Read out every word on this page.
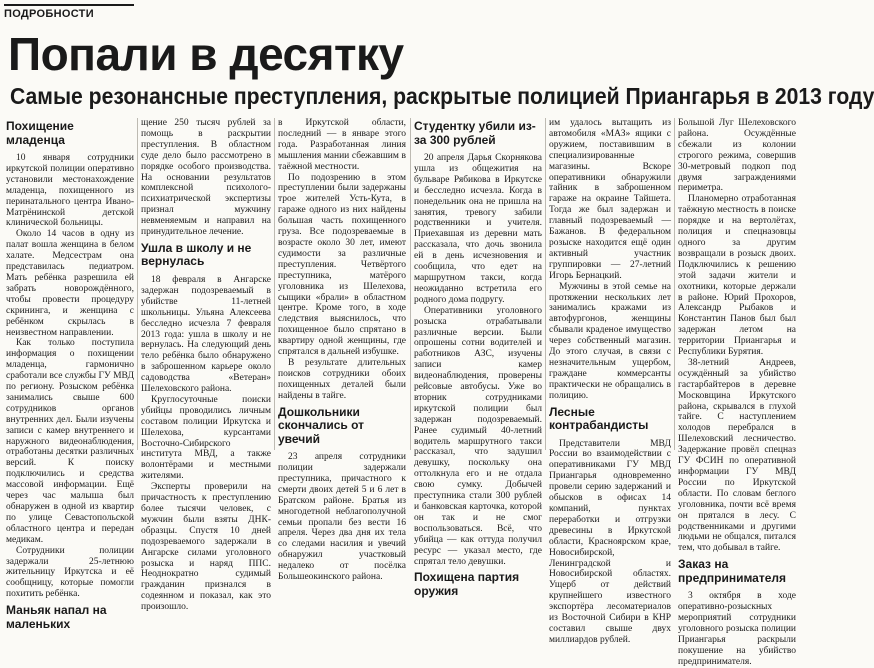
ПОДРОБНОСТИ
Попали в десятку
Самые резонансные преступления, раскрытые полицией Приангарья в 2013 году
Похищение младенца

10 января сотрудники иркутской полиции оперативно установили местонахождение младенца, похищенного из перинатального центра Ивано-Матрёнинской детской клинической больницы.

Около 14 часов в одну из палат вошла женщина в белом халате. Медсестрам она представилась педиатром. Мать ребёнка разрешила ей забрать новорождённого, чтобы провести процедуру скрининга, и женщина с ребёнком скрылась в неизвестном направлении.

Как только поступила информация о похищении младенца, гармонично сработали все службы ГУ МВД по региону. Розыском ребёнка занимались свыше 600 сотрудников органов внутренних дел. Были изучены записи с камер внутреннего и наружного видеонаблюдения, отработаны десятки различных версий. К поиску подключились и средства массовой информации. Ещё через час малыша был обнаружен в одной из квартир по улице Севастопольской областного центра и передан медикам.

Сотрудники полиции задержали 25-летнюю жительницу Иркутска и её сообщницу, которые помогли похитить ребёнка.

Маньяк напал на маленьких

щение 250 тысяч рублей за помощь в раскрытии преступления. В областном суде дело было рассмотрено в порядке особого производства. На основании результатов комплексной психолого-психиатрической экспертизы признал мужчину невменяемым и направил на принудительное лечение.

Ушла в школу и не вернулась

18 февраля в Ангарске задержан подозреваемый в убийстве 11-летней школьницы. Ульяна Алексеева бесследно исчезла 7 февраля 2013 года: ушла в школу и не вернулась. На следующий день тело ребёнка было обнаружено в заброшенном карьере около садоводства «Ветеран» Шелеховского района.

Круглосуточные поиски убийцы проводились личным составом полиции Иркутска и Шелехова, курсантами Восточно-Сибирского института МВД, а также волонтёрами и местными жителями.

Эксперты проверили на причастность к преступлению более тысячи человек, с мужчин были взяты ДНК-образцы. Спустя 10 дней подозреваемого задержали в Ангарске силами уголовного розыска и наряд ППС. Неоднократно судимый гражданин признался в содеянном и показал, как это произошло.

в Иркутской области, последний — в январе этого года. Разработанная линия мышления мании сбежавшим в таёжной местности.

По подозрению в этом преступлении были задержаны трое жителей Усть-Кута, в гараже одного из них найдены большая часть похищенного груза. Все подозреваемые в возрасте около 30 лет, имеют судимости за различные преступления. Четвёртого преступника, матёрого уголовника из Шелехова, сыщики «брали» в областном центре. Кроме того, в ходе следствия выяснилось, что похищенное было спрятано в квартиру одной женщины, где спрятался в дальней избушке.

В результате длительных поисков сотрудники обоих похищенных деталей были найдены в тайге.

Дошкольники скончались от увечий

23 апреля сотрудники полиции задержали преступника, причастного к смерти двоих детей 5 и 6 лет в Братском районе. Братья из многодетной неблагополучной семьи пропали без вести 16 апреля. Через два дня их тела со следами насилия и увечий обнаружил участковый недалеко от посёлка Большеокинского района.

Студентку убили из-за 300 рублей

20 апреля Дарья Скорнякова ушла из общежития на бульваре Рябикова в Иркутске и бесследно исчезла. Когда в понедельник она не пришла на занятия, тревогу забили родственники и учителя. Приехавшая из деревни мать рассказала, что дочь звонила ей в день исчезновения и сообщила, что едет на маршрутном такси, когда неожиданно встретила его родного дома подругу.

Оперативники уголовного розыска отрабатывали различные версии. Были опрошены сотни водителей и работников АЗС, изучены записи камер видеонаблюдения, проверены рейсовые автобусы. Уже во вторник сотрудниками иркутской полиции был задержан подозреваемый. Ранее судимый 40-летний водитель маршрутного такси рассказал, что задушил девушку, поскольку она оттолкнула его и не отдала свою сумку. Добычей преступника стали 300 рублей и банковская карточка, которой он так и не смог воспользоваться. Всё, что убийца — как оттуда получил ресурс — указал место, где спрятал тело девушки.

Похищена партия оружия

им удалось вытащить из автомобиля «МАЗ» ящики с оружием, поставившим в специализированные магазины. Вскоре оперативники обнаружили тайник в заброшенном гараже на окраине Тайшета. Тогда же был задержан и главный подозреваемый — Бажанов. В федеральном розыске находится ещё один активный участник группировки — 27-летний Игорь Бернацкий.

Мужчины в этой семье на протяжении нескольких лет занимались кражами из автофургонов, женщины сбывали краденое имущество через собственный магазин. До этого случая, в связи с незначительным ущербом, граждане коммерсанты практически не обращались в полицию.

Лесные контрабандисты

Представители МВД России во взаимодействии с оперативниками ГУ МВД Приангарья одновременно провели серию задержаний и обысков в офисах 14 компаний, пунктах переработки и отгрузки древесины в Иркутской области, Красноярском крае, Новосибирской, Ленинградской и Новосибирской областях. Ущерб от действий крупнейшего известного экспортёра лесоматериалов из Восточной Сибири в КНР составил свыше двух миллиардов рублей.

Большой Луг Шелеховского района. Осуждённые сбежали из колонии строгого режима, совершив 30-метровый подкоп под двумя заграждениями периметра.

Планомерно отработанная таёжную местность в поиске порядке и на вертолётах, полиция и спецназовцы одного за другим возвращали в розыск двоих. Подключились к решению этой задачи жители и охотники, которые держали в районе. Юрий Прохоров, Александр Рыбаков и Константин Панов был был задержан летом на территории Приангарья и Республики Бурятия.

38-летний Андреев, осуждённый за убийство гастарбайтеров в деревне Московщина Иркутского района, скрывался в глухой тайге. С наступлением холодов перебрался в Шелеховский лесничество. Задержание провёл спецназ ГУ ФСИН по оперативной информации ГУ МВД России по Иркутской области. По словам беглого уголовника, почти всё время он прятался в лесу. С родственниками и другими людьми не общался, питался тем, что добывал в тайге.

Заказ на предпринимателя

3 октября в ходе оперативно-розыскных мероприятий сотрудники уголовного розыска полиции Приангарья раскрыли покушение на убийство предпринимателя.
